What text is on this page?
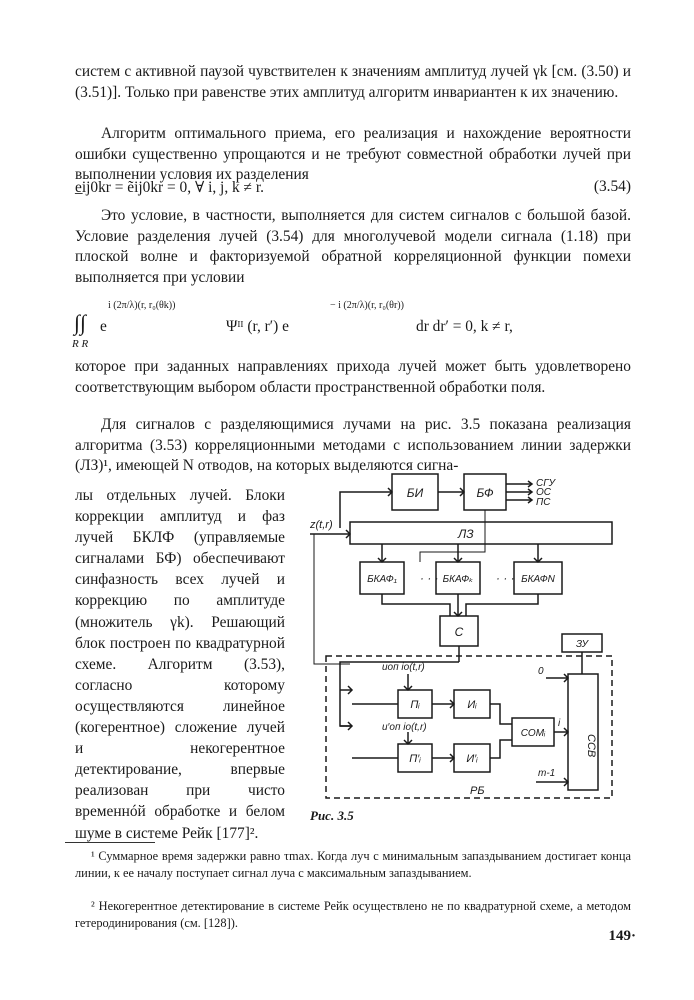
систем с активной паузой чувствителен к значениям амплитуд лучей γk [см. (3.50) и (3.51)]. Только при равенстве этих амплитуд алгоритм инвариантен к их значению.

Алгоритм оптимального приема, его реализация и нахождение вероятности ошибки существенно упрощаются и не требуют совместной обработки лучей при выполнении условия их разделения

e̲ij0kr = ẽij0kr = 0, ∀ i, j, k ≠ r.	(3.54)

Это условие, в частности, выполняется для систем сигналов с большой базой. Условие разделения лучей (3.54) для многолучевой модели сигнала (1.18) при плоской волне и факторизуемой обратной корреляционной функции помехи выполняется при условии

∫∫
R R
e
i (2π/λ)(r, r₀(θk))
Ψᴵᴵ (r, r′) e
− i (2π/λ)(r, r₀(θr))
dr dr′ = 0, k ≠ r,

которое при заданных направлениях прихода лучей может быть удовлетворено соответствующим выбором области пространственной обработки поля.

Для сигналов с разделяющимися лучами на рис. 3.5 показана реализация алгоритма (3.53) корреляционными методами с использованием линии задержки (ЛЗ)¹, имеющей N отводов, на которых выделяются сигна-

лы отдельных лучей. Блоки коррекции амплитуд и фаз лучей БКЛФ (управляемые сигналами БФ) обеспечивают синфазность всех лучей и коррекцию по амплитуде (множитель γk). Решающий блок построен по квадратурной схеме. Алгоритм (3.53), согласно которому осуществляются линейное (когерентное) сложение лучей и некогерентное детектирование, впервые реализован при чисто временнóй обработке и белом шуме в системе Рейк [177]².

БИ	БФ
СГУ
ОС
ПС
z(t,r)
ЛЗ
БКАФ₁ · · · БКАФₖ · · · БКАФN
С
ЗУ
РБ
uоп iо(t,r)
u′оп iо(t,r)
Пᵢ	Иᵢ
П′ᵢ	И′ᵢ
COMᵢ
i
ССВ
0
m-1
Рис. 3.5

¹ Суммарное время задержки равно τmax. Когда луч с минимальным запаздыванием достигает конца линии, к ее началу поступает сигнал луча с максимальным запаздыванием.

² Некогерентное детектирование в системе Рейк осуществлено не по квадратурной схеме, а методом гетеродинирования (см. [128]).

149·
